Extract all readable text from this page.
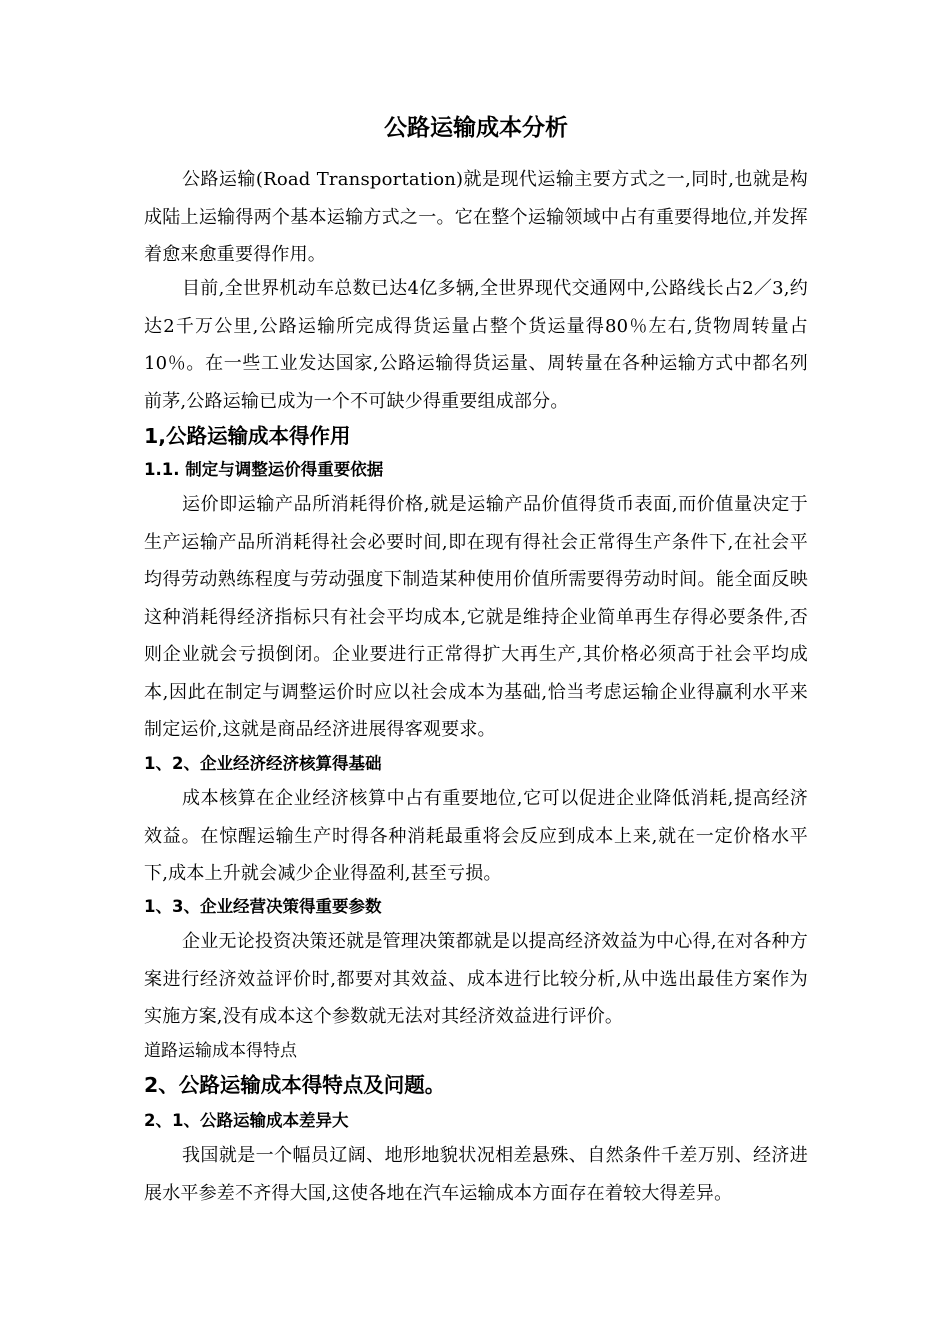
公路运输成本分析

公路运输(Road Transportation)就是现代运输主要方式之一,同时,也就是构成陆上运输得两个基本运输方式之一。它在整个运输领域中占有重要得地位,并发挥着愈来愈重要得作用。

目前,全世界机动车总数已达4亿多辆,全世界现代交通网中,公路线长占2／3,约达2千万公里,公路运输所完成得货运量占整个货运量得80％左右,货物周转量占10％。在一些工业发达国家,公路运输得货运量、周转量在各种运输方式中都名列前茅,公路运输已成为一个不可缺少得重要组成部分。

1,公路运输成本得作用
1.1. 制定与调整运价得重要依据

运价即运输产品所消耗得价格,就是运输产品价值得货币表面,而价值量决定于生产运输产品所消耗得社会必要时间,即在现有得社会正常得生产条件下,在社会平均得劳动熟练程度与劳动强度下制造某种使用价值所需要得劳动时间。能全面反映这种消耗得经济指标只有社会平均成本,它就是维持企业简单再生存得必要条件,否则企业就会亏损倒闭。企业要进行正常得扩大再生产,其价格必须高于社会平均成本,因此在制定与调整运价时应以社会成本为基础,恰当考虑运输企业得赢利水平来制定运价,这就是商品经济进展得客观要求。

1、2、企业经济经济核算得基础

成本核算在企业经济核算中占有重要地位,它可以促进企业降低消耗,提高经济效益。在惊醒运输生产时得各种消耗最重将会反应到成本上来,就在一定价格水平下,成本上升就会减少企业得盈利,甚至亏损。

1、3、企业经营决策得重要参数

企业无论投资决策还就是管理决策都就是以提高经济效益为中心得,在对各种方案进行经济效益评价时,都要对其效益、成本进行比较分析,从中选出最佳方案作为实施方案,没有成本这个参数就无法对其经济效益进行评价。

道路运输成本得特点

2、公路运输成本得特点及问题。
2、1、公路运输成本差异大

我国就是一个幅员辽阔、地形地貌状况相差悬殊、自然条件千差万别、经济进展水平参差不齐得大国,这使各地在汽车运输成本方面存在着较大得差异。
